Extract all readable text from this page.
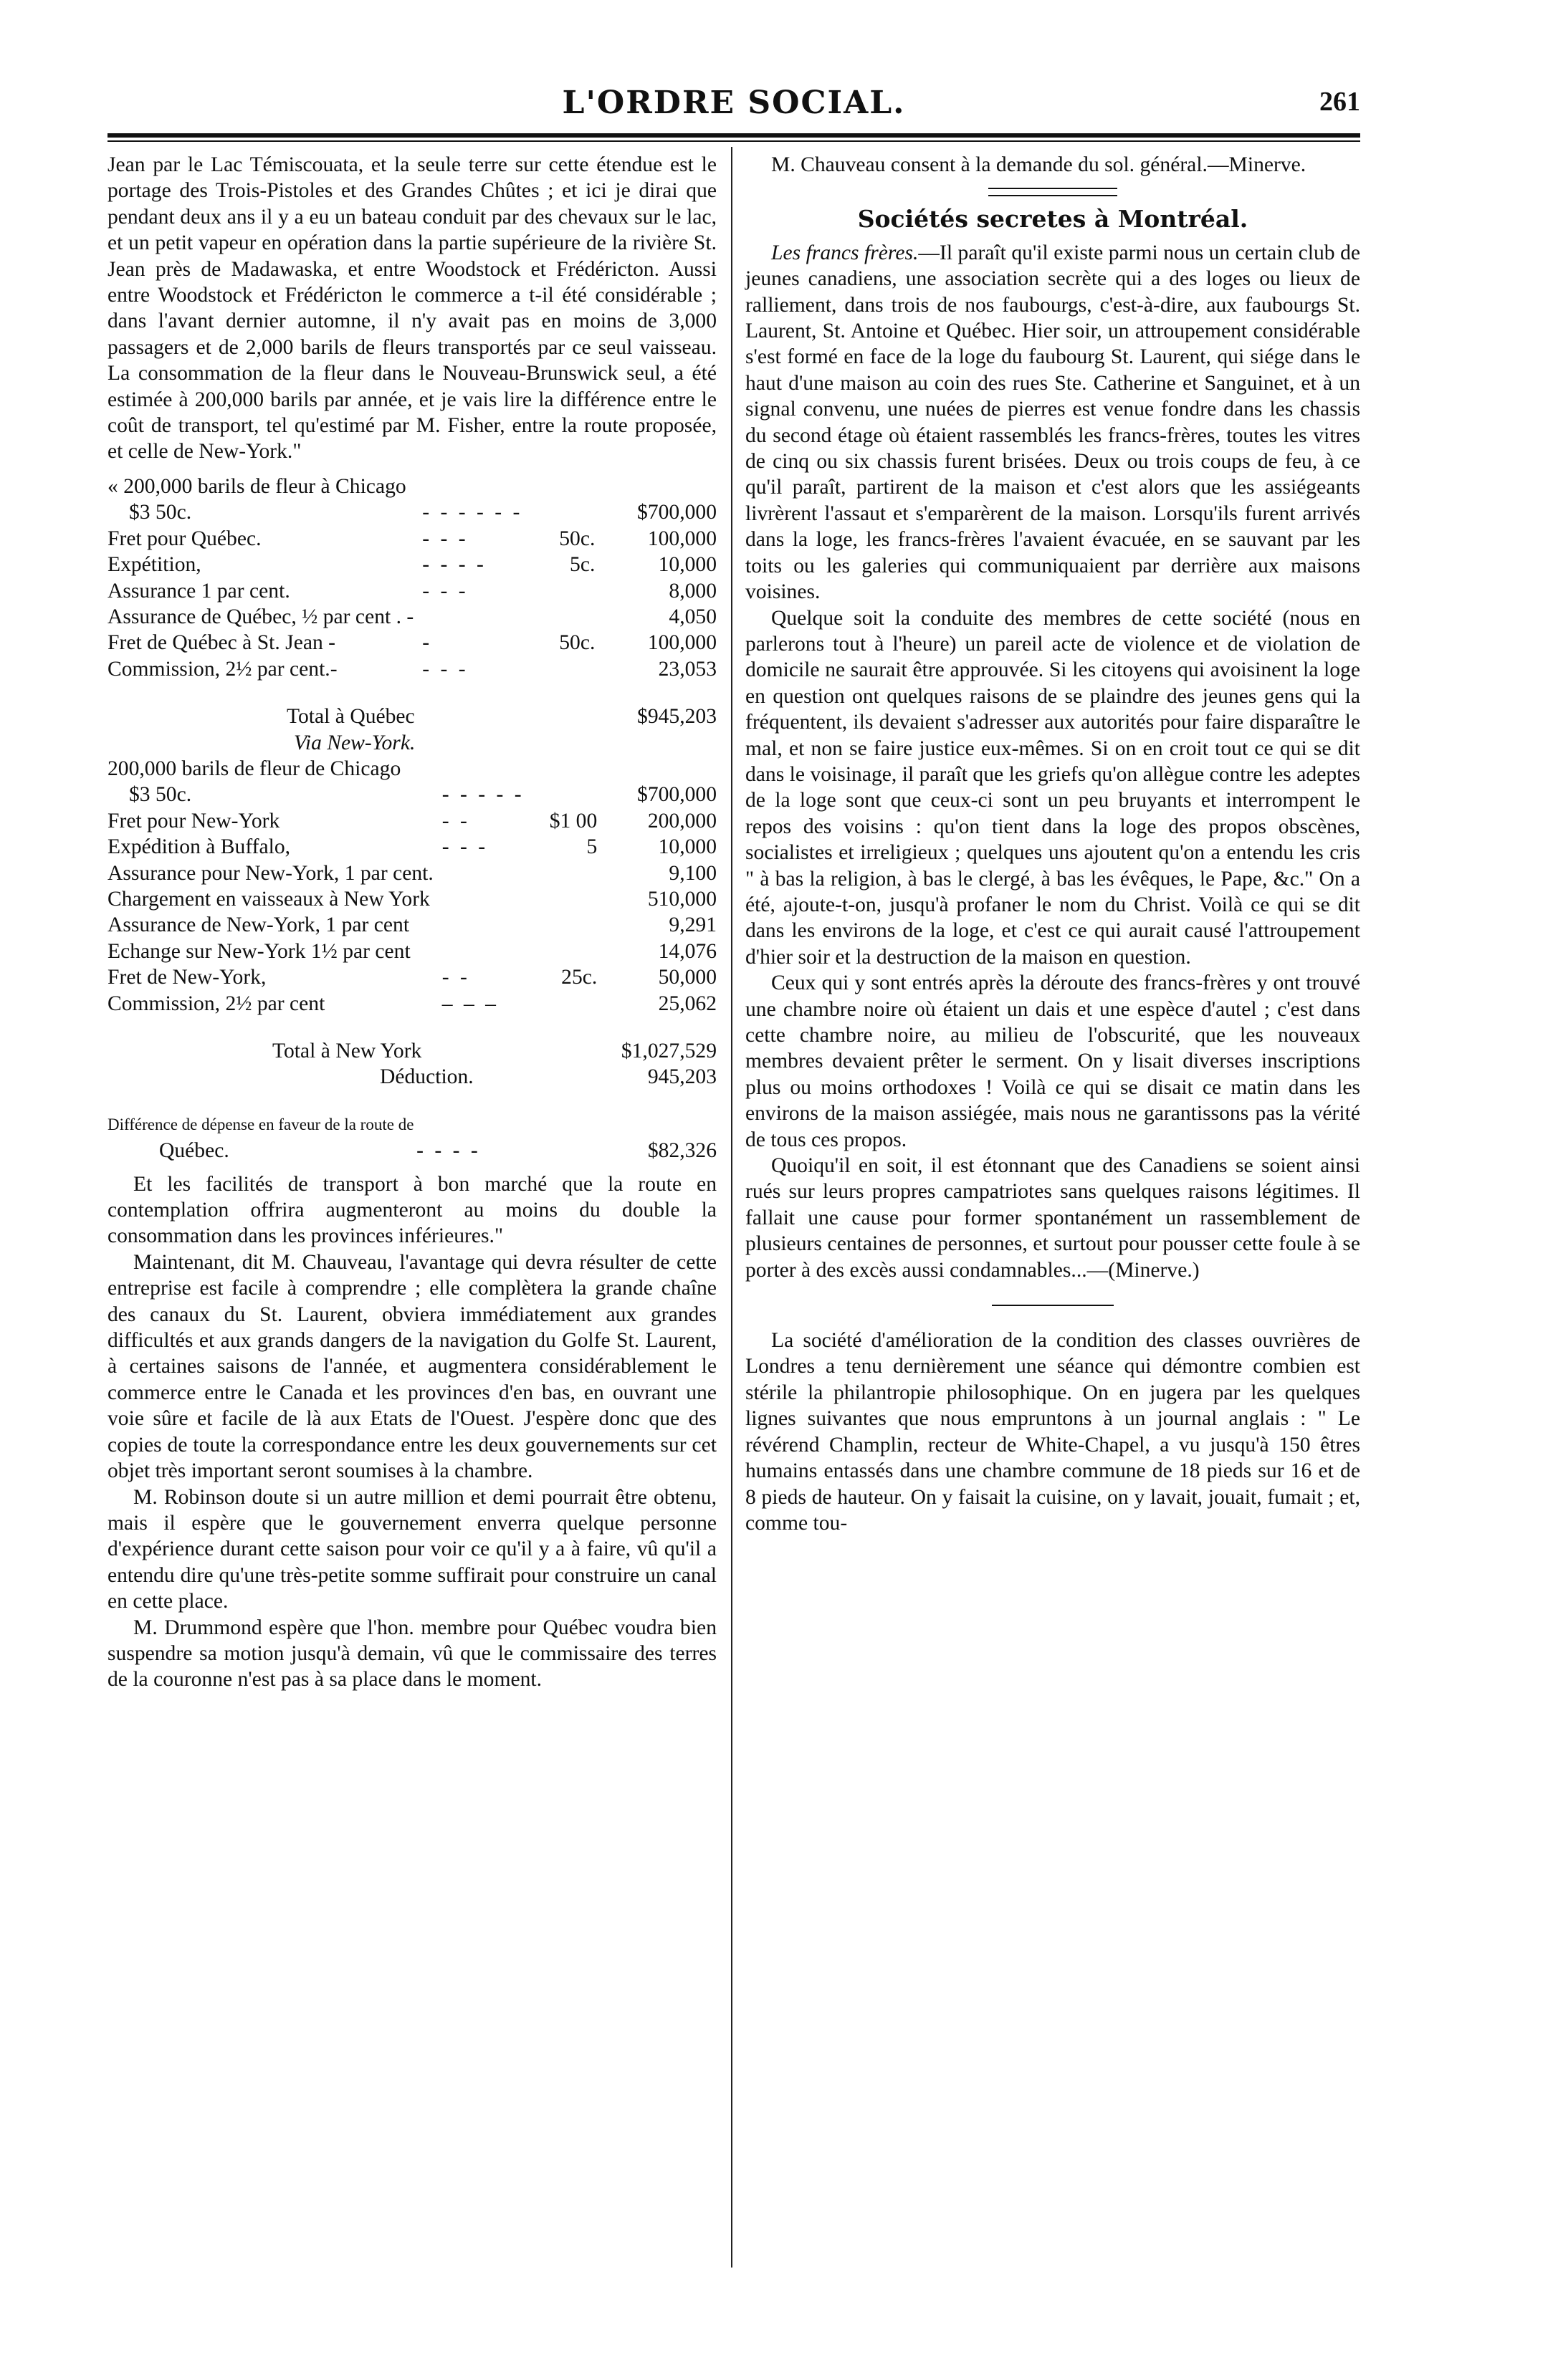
L'ORDRE SOCIAL.	261

Jean par le Lac Témiscouata, et la seule terre sur cette étendue est le portage des Trois-Pistoles et des Grandes Chûtes ; et ici je dirai que pendant deux ans il y a eu un bateau conduit par des chevaux sur le lac, et un petit vapeur en opération dans la partie supérieure de la rivière St. Jean près de Madawaska, et entre Woodstock et Frédéricton. Aussi entre Woodstock et Frédéricton le commerce a t-il été considérable ; dans l'avant dernier automne, il n'y avait pas en moins de 3,000 passagers et de 2,000 barils de fleurs transportés par ce seul vaisseau. La consommation de la fleur dans le Nouveau-Brunswick seul, a été estimée à 200,000 barils par année, et je vais lire la différence entre le coût de transport, tel qu'estimé par M. Fisher, entre la route proposée, et celle de New-York."

« 200,000 barils de fleur à Chicago

$3 50c.	- - - - - -		$700,000
Fret pour Québec.	- - -	50c.	100,000
Expétition,	- - - -	5c.	10,000
Assurance 1 par cent.	- - -		8,000
Assurance de Québec, ½ par cent . -			4,050
Fret de Québec à St. Jean -	-	50c.	100,000
Commission, 2½ par cent.-	- - -		23,053
Total à Québec	$945,203
Via New-York.	

200,000 barils de fleur de Chicago

$3 50c.	- - - - -		$700,000
Fret pour New-York	- -	$1 00	200,000
Expédition à Buffalo,	- - -	5	10,000
Assurance pour New-York, 1 par cent.			9,100
Chargement en vaisseaux à New York			510,000
Assurance de New-York, 1 par cent			9,291
Echange sur New-York 1½ par cent			14,076
Fret de New-York,	- -	25c.	50,000
Commission, 2½ par cent	– – –		25,062
Total à New York	$1,027,529
Déduction.	945,203
Différence de dépense en faveur de la route de
Québec.	- - - -	$82,326

Et les facilités de transport à bon marché que la route en contemplation offrira augmenteront au moins du double la consommation dans les provinces inférieures."

Maintenant, dit M. Chauveau, l'avantage qui devra résulter de cette entreprise est facile à comprendre ; elle complètera la grande chaîne des canaux du St. Laurent, obviera immédiatement aux grandes difficultés et aux grands dangers de la navigation du Golfe St. Laurent, à certaines saisons de l'année, et augmentera considérablement le commerce entre le Canada et les provinces d'en bas, en ouvrant une voie sûre et facile de là aux Etats de l'Ouest. J'espère donc que des copies de toute la correspondance entre les deux gouvernements sur cet objet très important seront soumises à la chambre.

M. Robinson doute si un autre million et demi pourrait être obtenu, mais il espère que le gouvernement enverra quelque personne d'expérience durant cette saison pour voir ce qu'il y a à faire, vû qu'il a entendu dire qu'une très-petite somme suffirait pour construire un canal en cette place.

M. Drummond espère que l'hon. membre pour Québec voudra bien suspendre sa motion jusqu'à demain, vû que le commissaire des terres de la couronne n'est pas à sa place dans le moment.

M. Chauveau consent à la demande du sol. général.—Minerve.

Sociétés secretes à Montréal.

Les francs frères.—Il paraît qu'il existe parmi nous un certain club de jeunes canadiens, une association secrète qui a des loges ou lieux de ralliement, dans trois de nos faubourgs, c'est-à-dire, aux faubourgs St. Laurent, St. Antoine et Québec. Hier soir, un attroupement considérable s'est formé en face de la loge du faubourg St. Laurent, qui siége dans le haut d'une maison au coin des rues Ste. Catherine et Sanguinet, et à un signal convenu, une nuées de pierres est venue fondre dans les chassis du second étage où étaient rassemblés les francs-frères, toutes les vitres de cinq ou six chassis furent brisées. Deux ou trois coups de feu, à ce qu'il paraît, partirent de la maison et c'est alors que les assiégeants livrèrent l'assaut et s'emparèrent de la maison. Lorsqu'ils furent arrivés dans la loge, les francs-frères l'avaient évacuée, en se sauvant par les toits ou les galeries qui communiquaient par derrière aux maisons voisines.

Quelque soit la conduite des membres de cette société (nous en parlerons tout à l'heure) un pareil acte de violence et de violation de domicile ne saurait être approuvée. Si les citoyens qui avoisinent la loge en question ont quelques raisons de se plaindre des jeunes gens qui la fréquentent, ils devaient s'adresser aux autorités pour faire disparaître le mal, et non se faire justice eux-mêmes. Si on en croit tout ce qui se dit dans le voisinage, il paraît que les griefs qu'on allègue contre les adeptes de la loge sont que ceux-ci sont un peu bruyants et interrompent le repos des voisins : qu'on tient dans la loge des propos obscènes, socialistes et irreligieux ; quelques uns ajoutent qu'on a entendu les cris " à bas la religion, à bas le clergé, à bas les évêques, le Pape, &c." On a été, ajoute-t-on, jusqu'à profaner le nom du Christ. Voilà ce qui se dit dans les environs de la loge, et c'est ce qui aurait causé l'attroupement d'hier soir et la destruction de la maison en question.

Ceux qui y sont entrés après la déroute des francs-frères y ont trouvé une chambre noire où étaient un dais et une espèce d'autel ; c'est dans cette chambre noire, au milieu de l'obscurité, que les nouveaux membres devaient prêter le serment. On y lisait diverses inscriptions plus ou moins orthodoxes ! Voilà ce qui se disait ce matin dans les environs de la maison assiégée, mais nous ne garantissons pas la vérité de tous ces propos.

Quoiqu'il en soit, il est étonnant que des Canadiens se soient ainsi rués sur leurs propres campatriotes sans quelques raisons légitimes. Il fallait une cause pour former spontanément un rassemblement de plusieurs centaines de personnes, et surtout pour pousser cette foule à se porter à des excès aussi condamnables...—(Minerve.)

La société d'amélioration de la condition des classes ouvrières de Londres a tenu dernièrement une séance qui démontre combien est stérile la philantropie philosophique. On en jugera par les quelques lignes suivantes que nous empruntons à un journal anglais : " Le révérend Champlin, recteur de White-Chapel, a vu jusqu'à 150 êtres humains entassés dans une chambre commune de 18 pieds sur 16 et de 8 pieds de hauteur. On y faisait la cuisine, on y lavait, jouait, fumait ; et, comme tou-
